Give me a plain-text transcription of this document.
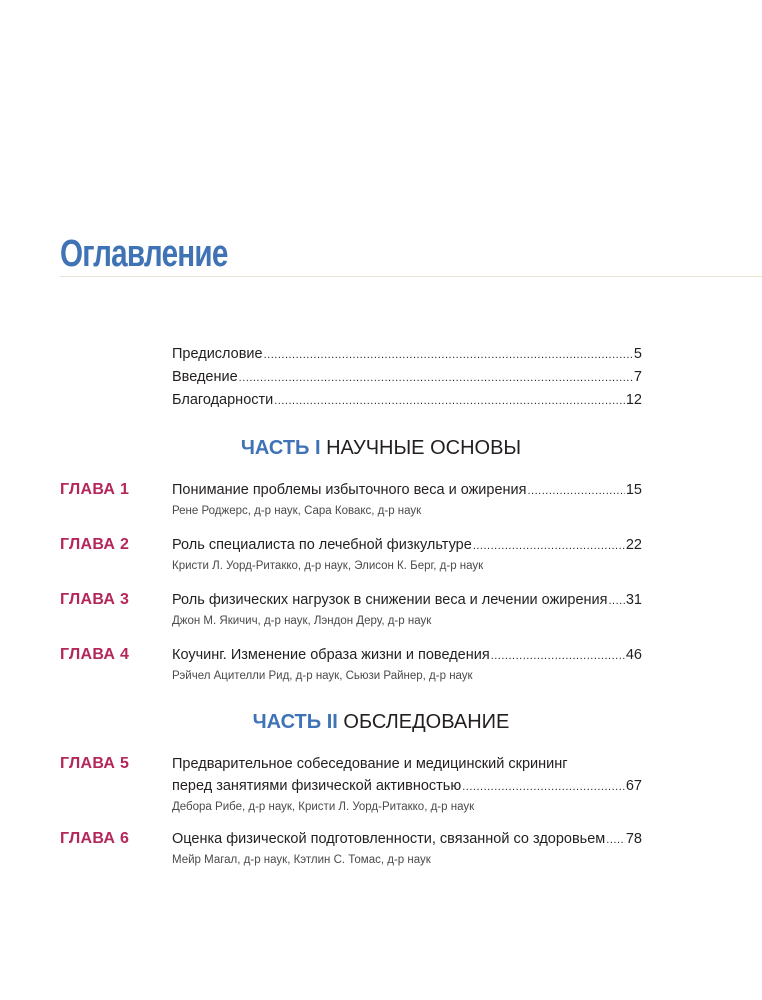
Оглавление
Предисловие .....	5
Введение .....	7
Благодарности .....	12
ЧАСТЬ I НАУЧНЫЕ ОСНОВЫ
ГЛАВА 1	Понимание проблемы избыточного веса и ожирения .....	15
Рене Роджерс, д-р наук, Сара Ковакс, д-р наук
ГЛАВА 2	Роль специалиста по лечебной физкультуре .....	22
Кристи Л. Уорд-Ритакко, д-р наук, Элисон К. Берг, д-р наук
ГЛАВА 3	Роль физических нагрузок в снижении веса и лечении ожирения ..... 31
Джон М. Якичич, д-р наук, Лэндон Деру, д-р наук
ГЛАВА 4	Коучинг. Изменение образа жизни и поведения .....	46
Рэйчел Ацителли Рид, д-р наук, Сьюзи Райнер, д-р наук
ЧАСТЬ II ОБСЛЕДОВАНИЕ
ГЛАВА 5	Предварительное собеседование и медицинский скрининг
перед занятиями физической активностью .....	67
Дебора Рибе, д-р наук, Кристи Л. Уорд-Ритакко, д-р наук
ГЛАВА 6	Оценка физической подготовленности, связанной со здоровьем ..... 78
Мейр Магал, д-р наук, Кэтлин С. Томас, д-р наук
